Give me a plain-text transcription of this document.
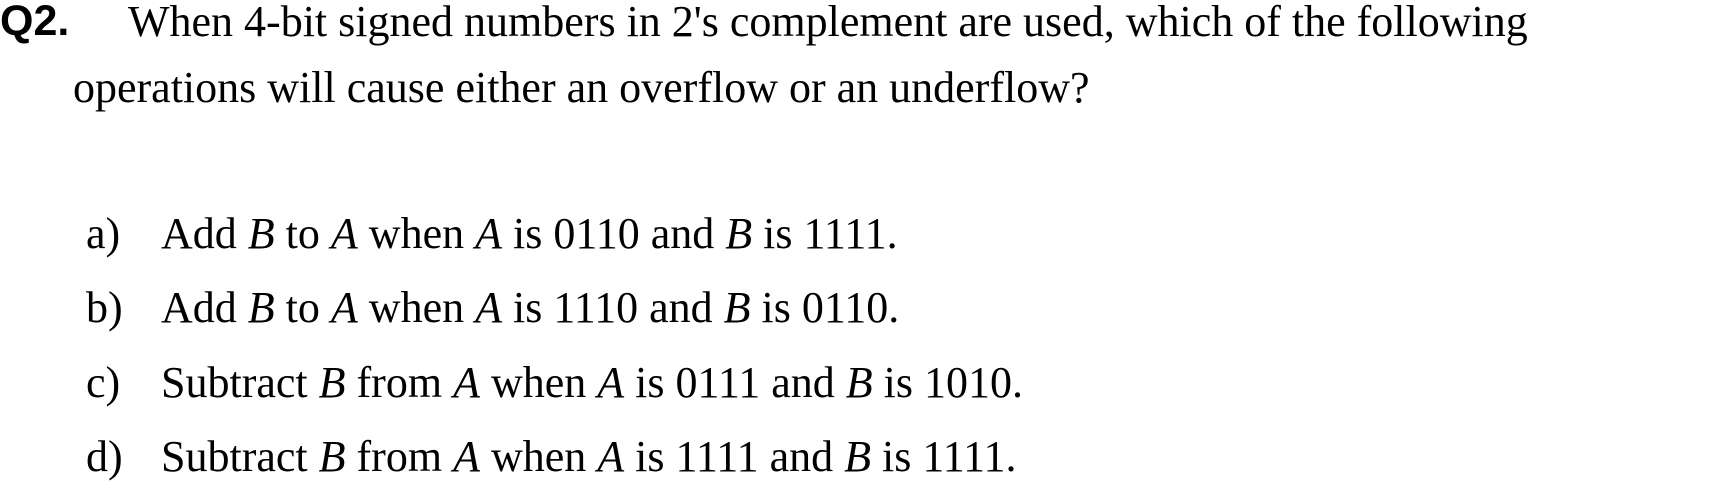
Q2. When 4-bit signed numbers in 2's complement are used, which of the following
operations will cause either an overflow or an underflow?
a) Add B to A when A is 0110 and B is 1111.
b) Add B to A when A is 1110 and B is 0110.
c) Subtract B from A when A is 0111 and B is 1010.
d) Subtract B from A when A is 1111 and B is 1111.
